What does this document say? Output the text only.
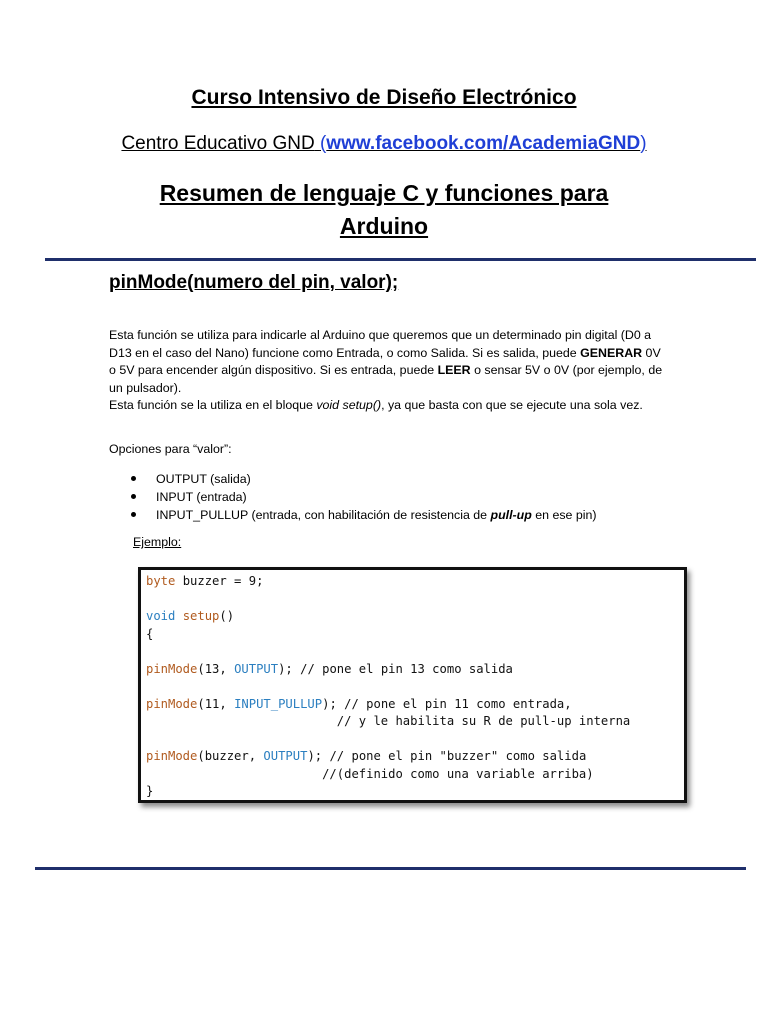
Curso Intensivo de Diseño Electrónico
Centro Educativo GND (www.facebook.com/AcademiaGND)
Resumen de lenguaje C y funciones para
Arduino
pinMode(numero del pin, valor);
Esta función se utiliza para indicarle al Arduino que queremos que un determinado pin digital (D0 a D13 en el caso del Nano) funcione como Entrada, o como Salida. Si es salida, puede GENERAR 0V o 5V para encender algún dispositivo. Si es entrada, puede LEER o sensar 5V o 0V (por ejemplo, de un pulsador).
Esta función se la utiliza en el bloque void setup(), ya que basta con que se ejecute una sola vez.
Opciones para “valor”:
OUTPUT (salida)
INPUT (entrada)
INPUT_PULLUP (entrada, con habilitación de resistencia de pull-up en ese pin)
Ejemplo:
byte buzzer = 9;

void setup()
{

pinMode(13, OUTPUT); // pone el pin 13 como salida

pinMode(11, INPUT_PULLUP); // pone el pin 11 como entrada,
// y le habilita su R de pull-up interna

pinMode(buzzer, OUTPUT); // pone el pin "buzzer" como salida
//(definido como una variable arriba)
}
